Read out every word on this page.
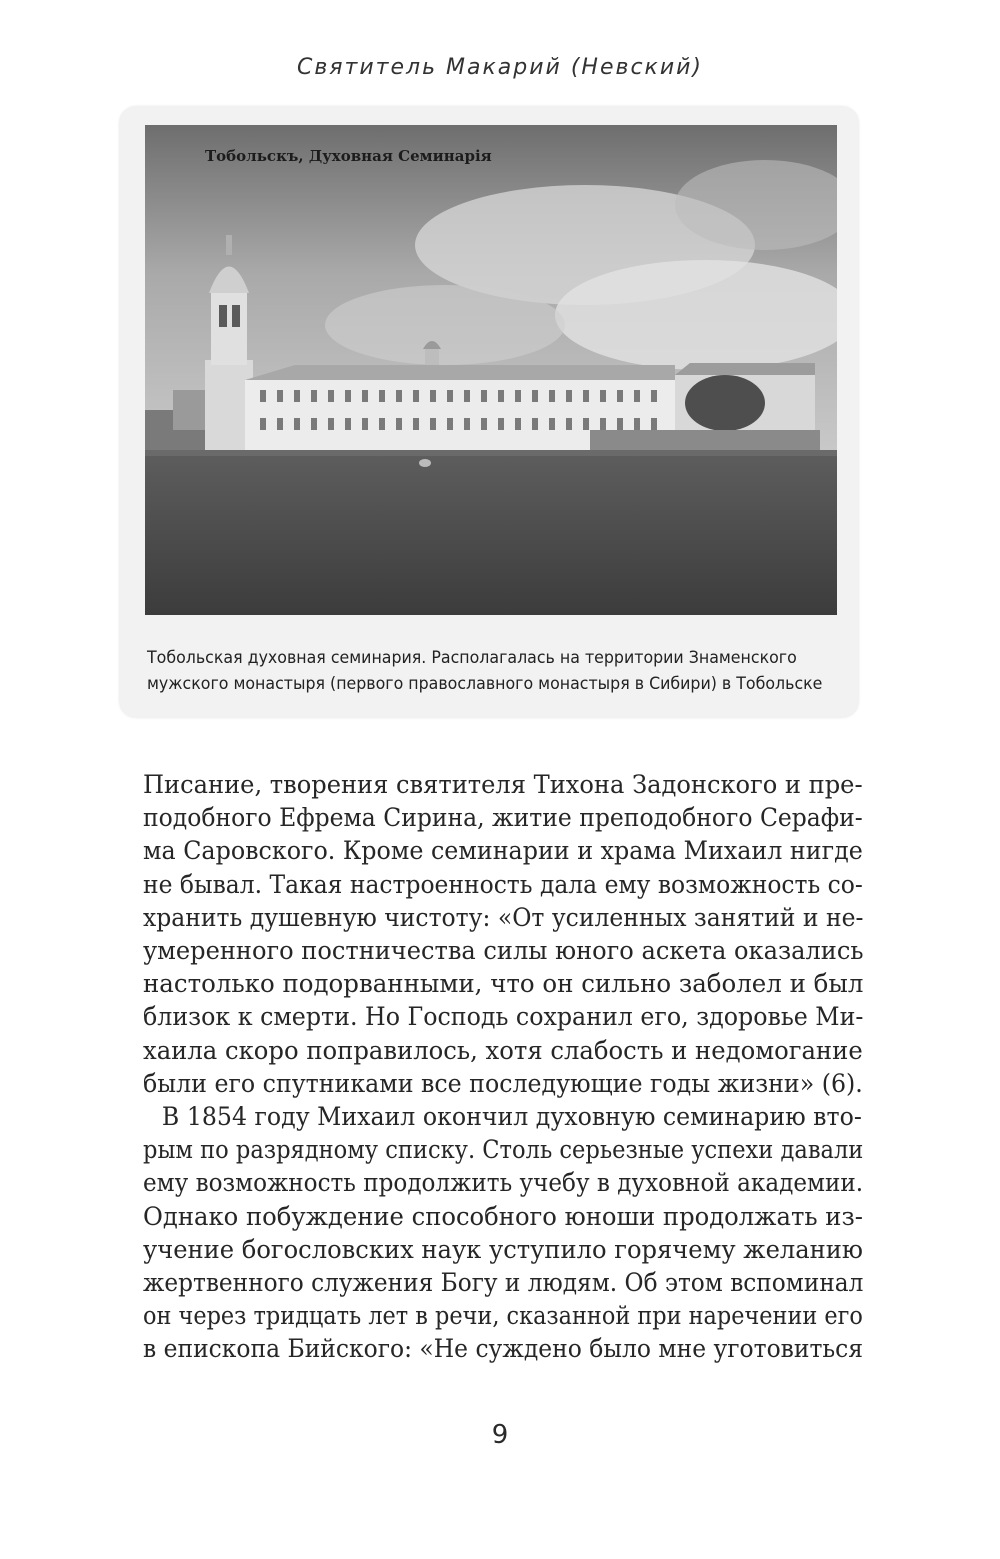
Святитель Макарий (Невский)
Тобольскъ, Духовная Семинарія
Тобольская духовная семинария. Располагалась на территории Знаменского
мужского монастыря (первого православного монастыря в Сибири) в Тобольске
Писание, творения святителя Тихона Задонского и пре-
подобного Ефрема Сирина, житие преподобного Серафи-
ма Саровского. Кроме семинарии и храма Михаил нигде
не бывал. Такая настроенность дала ему возможность со-
хранить душевную чистоту: «От усиленных занятий и не-
умеренного постничества силы юного аскета оказались
настолько подорванными, что он сильно заболел и был
близок к смерти. Но Господь сохранил его, здоровье Ми-
хаила скоро поправилось, хотя слабость и недомогание
были его спутниками все последующие годы жизни» (6).
В 1854 году Михаил окончил духовную семинарию вто-
рым по разрядному списку. Столь серьезные успехи давали
ему возможность продолжить учебу в духовной академии.
Однако побуждение способного юноши продолжать из-
учение богословских наук уступило горячему желанию
жертвенного служения Богу и людям. Об этом вспоминал
он через тридцать лет в речи, сказанной при наречении его
в епископа Бийского: «Не суждено было мне уготовиться
9
